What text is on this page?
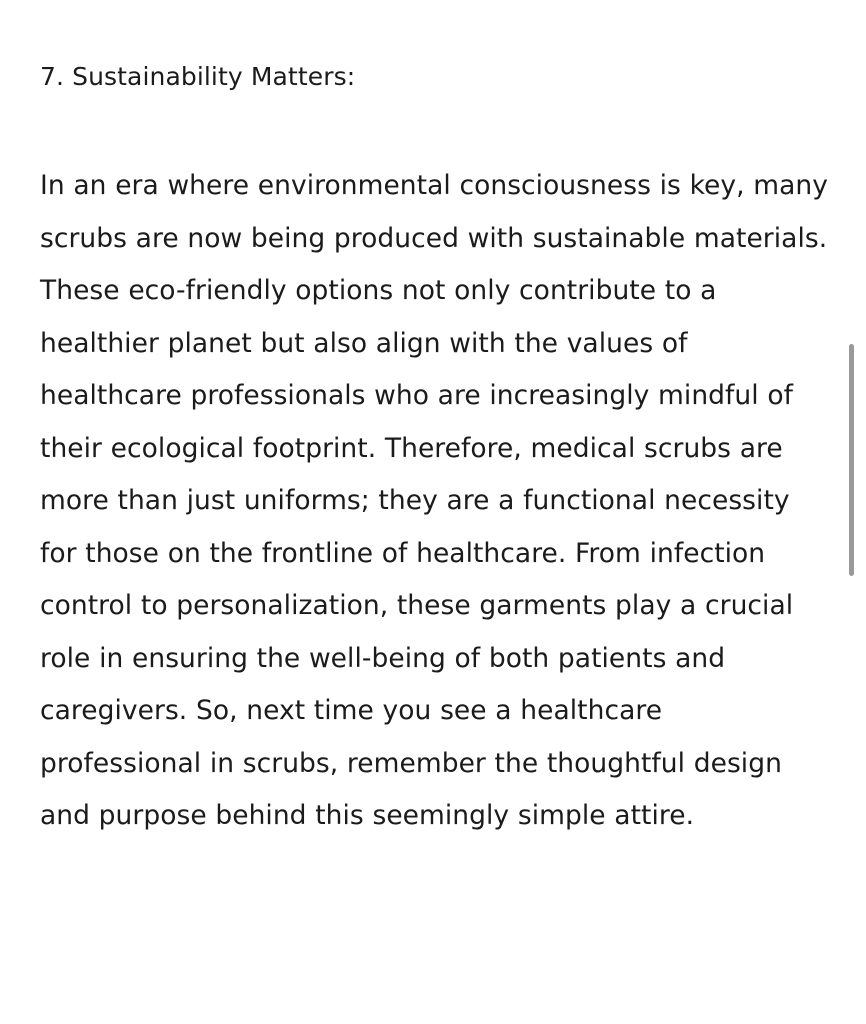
7. Sustainability Matters:

In an era where environmental consciousness is key, many scrubs are now being produced with sustainable materials. These eco-friendly options not only contribute to a healthier planet but also align with the values of healthcare professionals who are increasingly mindful of their ecological footprint. Therefore, medical scrubs are more than just uniforms; they are a functional necessity for those on the frontline of healthcare. From infection control to personalization, these garments play a crucial role in ensuring the well-being of both patients and caregivers. So, next time you see a healthcare professional in scrubs, remember the thoughtful design and purpose behind this seemingly simple attire.
